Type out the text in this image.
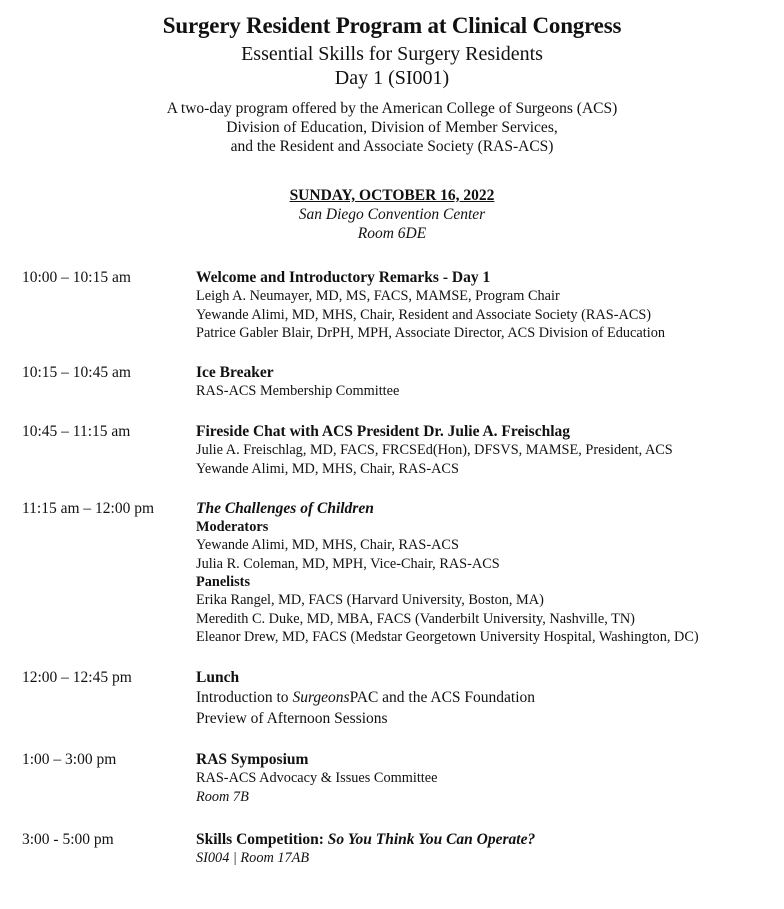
Surgery Resident Program at Clinical Congress
Essential Skills for Surgery Residents
Day 1 (SI001)
A two-day program offered by the American College of Surgeons (ACS)
Division of Education, Division of Member Services,
and the Resident and Associate Society (RAS-ACS)
SUNDAY, OCTOBER 16, 2022
San Diego Convention Center
Room 6DE
10:00 – 10:15 am	Welcome and Introductory Remarks - Day 1
Leigh A. Neumayer, MD, MS, FACS, MAMSE, Program Chair
Yewande Alimi, MD, MHS, Chair, Resident and Associate Society (RAS-ACS)
Patrice Gabler Blair, DrPH, MPH, Associate Director, ACS Division of Education
10:15 – 10:45 am	Ice Breaker
RAS-ACS Membership Committee
10:45 – 11:15 am	Fireside Chat with ACS President Dr. Julie A. Freischlag
Julie A. Freischlag, MD, FACS, FRCSEd(Hon), DFSVS, MAMSE, President, ACS
Yewande Alimi, MD, MHS, Chair, RAS-ACS
11:15 am – 12:00 pm	The Challenges of Children
Moderators
Yewande Alimi, MD, MHS, Chair, RAS-ACS
Julia R. Coleman, MD, MPH, Vice-Chair, RAS-ACS
Panelists
Erika Rangel, MD, FACS (Harvard University, Boston, MA)
Meredith C. Duke, MD, MBA, FACS (Vanderbilt University, Nashville, TN)
Eleanor Drew, MD, FACS (Medstar Georgetown University Hospital, Washington, DC)
12:00 – 12:45 pm	Lunch
Introduction to SurgeonsPAC and the ACS Foundation
Preview of Afternoon Sessions
1:00 – 3:00 pm	RAS Symposium
RAS-ACS Advocacy & Issues Committee
Room 7B
3:00 - 5:00 pm	Skills Competition: So You Think You Can Operate?
SI004 | Room 17AB
